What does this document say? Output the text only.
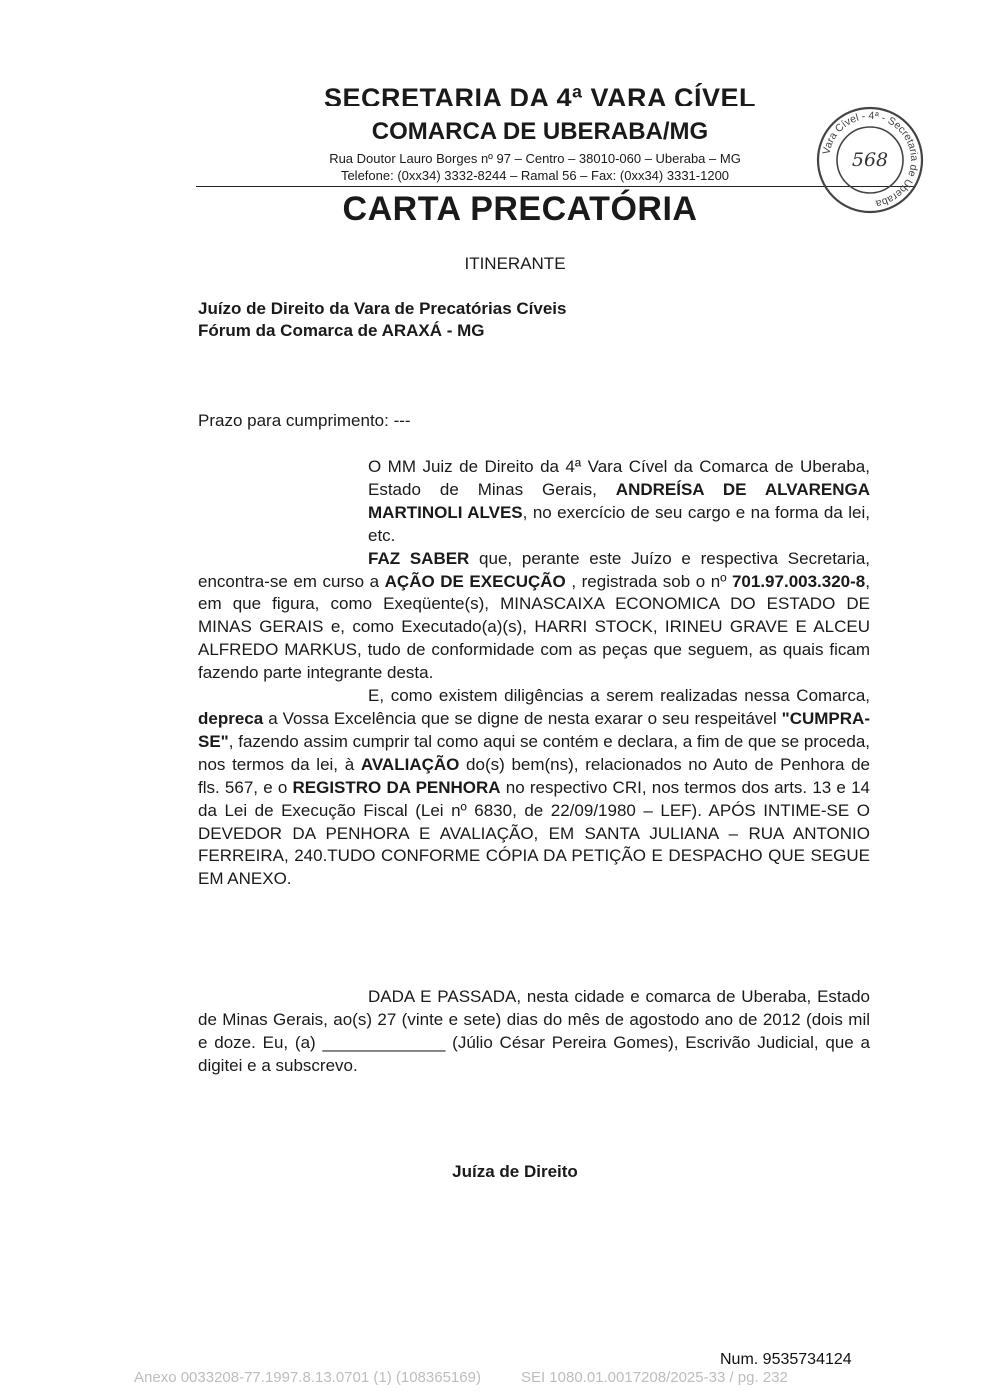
SECRETARIA DA 4ª VARA CÍVEL
COMARCA DE UBERABA/MG
Rua Doutor Lauro Borges nº 97 – Centro – 38010-060 – Uberaba – MG
Telefone: (0xx34) 3332-8244 – Ramal 56 – Fax: (0xx34) 3331-1200
Vara Cível - 4ª - Secretaria de Uberaba
568
CARTA PRECATÓRIA
ITINERANTE
Juízo de Direito da Vara de Precatórias Cíveis
Fórum da Comarca de ARAXÁ - MG
Prazo para cumprimento: ---

O MM Juiz de Direito da 4ª Vara Cível da Comarca de Uberaba, Estado de Minas Gerais, ANDREÍSA DE ALVARENGA MARTINOLI ALVES, no exercício de seu cargo e na forma da lei, etc.

FAZ SABER que, perante este Juízo e respectiva Secretaria, encontra-se em curso a AÇÃO DE EXECUÇÃO , registrada sob o nº 701.97.003.320-8, em que figura, como Exeqüente(s), MINASCAIXA ECONOMICA DO ESTADO DE MINAS GERAIS e, como Executado(a)(s), HARRI STOCK, IRINEU GRAVE E ALCEU ALFREDO MARKUS, tudo de conformidade com as peças que seguem, as quais ficam fazendo parte integrante desta.

E, como existem diligências a serem realizadas nessa Comarca, depreca a Vossa Excelência que se digne de nesta exarar o seu respeitável "CUMPRA-SE", fazendo assim cumprir tal como aqui se contém e declara, a fim de que se proceda, nos termos da lei, à AVALIAÇÃO do(s) bem(ns), relacionados no Auto de Penhora de fls. 567, e o REGISTRO DA PENHORA no respectivo CRI, nos termos dos arts. 13 e 14 da Lei de Execução Fiscal (Lei nº 6830, de 22/09/1980 – LEF). APÓS INTIME-SE O DEVEDOR DA PENHORA E AVALIAÇÃO, EM SANTA JULIANA – RUA ANTONIO FERREIRA, 240.TUDO CONFORME CÓPIA DA PETIÇÃO E DESPACHO QUE SEGUE EM ANEXO.

DADA E PASSADA, nesta cidade e comarca de Uberaba, Estado de Minas Gerais, ao(s) 27 (vinte e sete) dias do mês de agostodo ano de 2012 (dois mil e doze. Eu, (a) _____________ (Júlio César Pereira Gomes), Escrivão Judicial, que a digitei e a subscrevo.

Juíza de Direito
Num. 9535734124
Anexo 0033208-77.1997.8.13.0701 (1) (108365169)	SEI 1080.01.0017208/2025-33 / pg. 232
